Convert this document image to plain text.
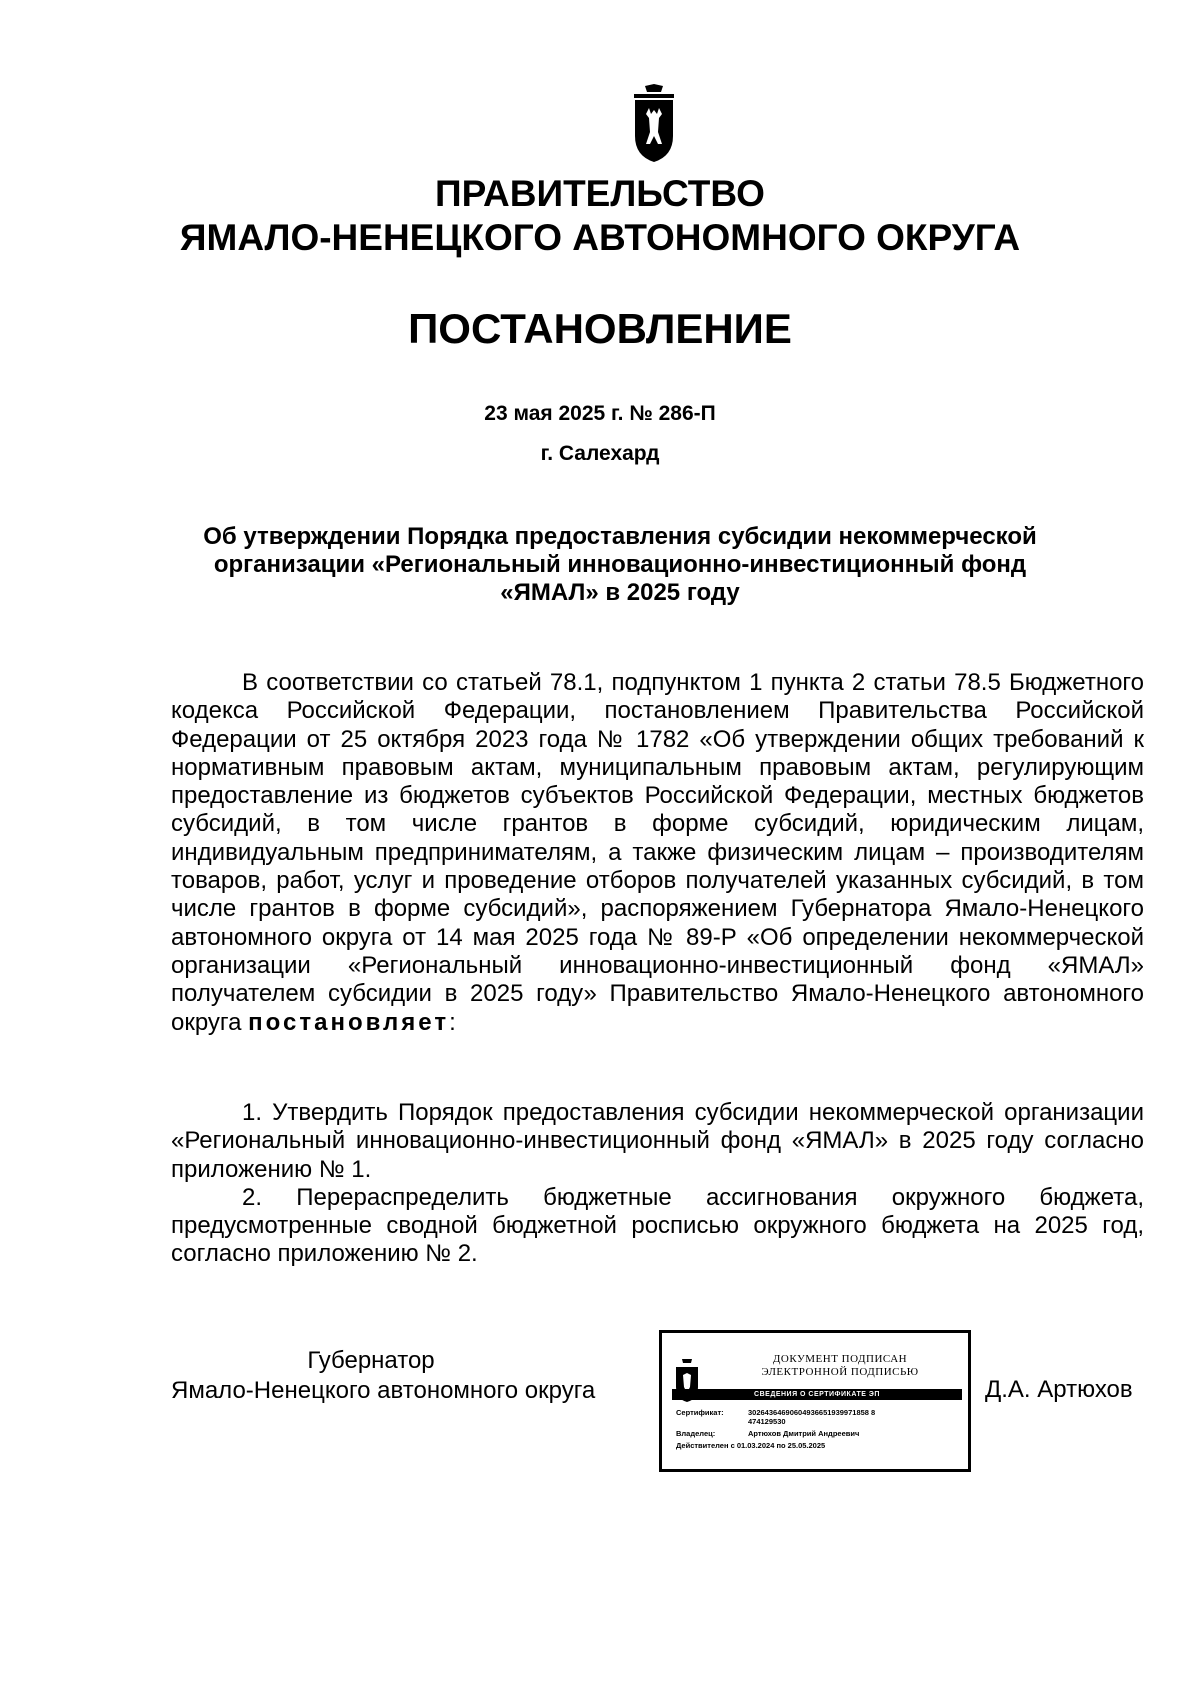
ПРАВИТЕЛЬСТВО
ЯМАЛО-НЕНЕЦКОГО АВТОНОМНОГО ОКРУГА
ПОСТАНОВЛЕНИЕ
23 мая 2025 г. № 286-П
г. Салехард
Об утверждении Порядка предоставления субсидии некоммерческой организации «Региональный инновационно-инвестиционный фонд «ЯМАЛ» в 2025 году

В соответствии со статьей 78.1, подпунктом 1 пункта 2 статьи 78.5 Бюджетного кодекса Российской Федерации, постановлением Правительства Российской Федерации от 25 октября 2023 года № 1782 «Об утверждении общих требований к нормативным правовым актам, муниципальным правовым актам, регулирующим предоставление из бюджетов субъектов Российской Федерации, местных бюджетов субсидий, в том числе грантов в форме субсидий, юридическим лицам, индивидуальным предпринимателям, а также физическим лицам – производителям товаров, работ, услуг и проведение отборов получателей указанных субсидий, в том числе грантов в форме субсидий», распоряжением Губернатора Ямало-Ненецкого автономного округа от 14 мая 2025 года № 89-Р «Об определении некоммерческой организации «Региональный инновационно-инвестиционный фонд «ЯМАЛ» получателем субсидии в 2025 году» Правительство Ямало-Ненецкого автономного округа постановляет:

1. Утвердить Порядок предоставления субсидии некоммерческой организации «Региональный инновационно-инвестиционный фонд «ЯМАЛ» в 2025 году согласно приложению № 1.

2. Перераспределить бюджетные ассигнования окружного бюджета, предусмотренные сводной бюджетной росписью окружного бюджета на 2025 год, согласно приложению № 2.

Губернатор
Ямало-Ненецкого автономного округа
ДОКУМЕНТ ПОДПИСАН
ЭЛЕКТРОННОЙ ПОДПИСЬЮ
СВЕДЕНИЯ О СЕРТИФИКАТЕ ЭП
Сертификат:	30264364690604936651939971858 8
474129530
Владелец:	Артюхов Дмитрий Андреевич
Действителен с 01.03.2024 по 25.05.2025
Д.А. Артюхов
